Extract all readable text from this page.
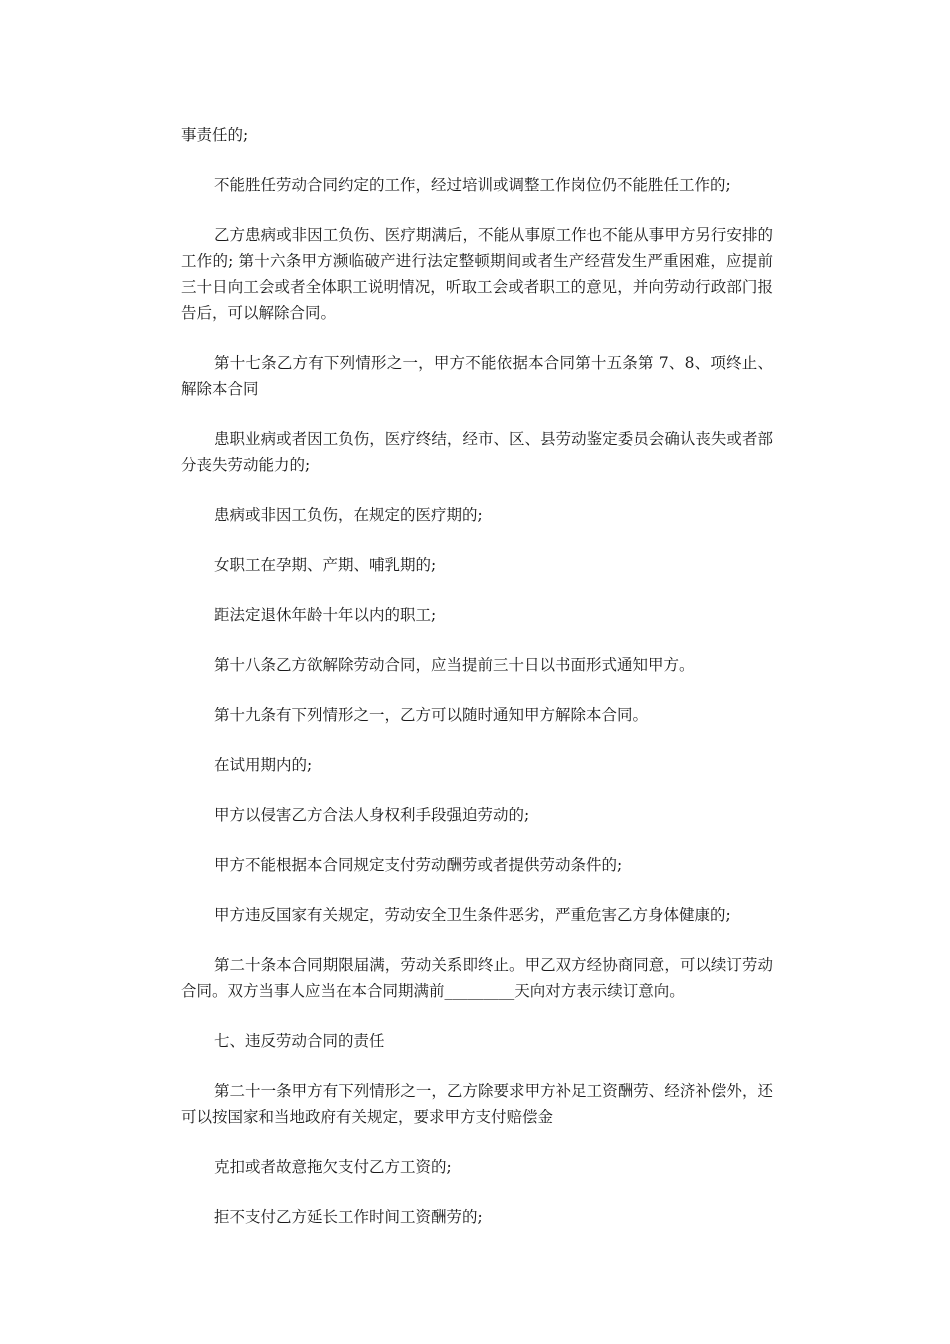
事责任的;

不能胜任劳动合同约定的工作，经过培训或调整工作岗位仍不能胜任工作的;

乙方患病或非因工负伤、医疗期满后，不能从事原工作也不能从事甲方另行安排的工作的; 第十六条甲方濒临破产进行法定整顿期间或者生产经营发生严重困难，应提前三十日向工会或者全体职工说明情况，听取工会或者职工的意见，并向劳动行政部门报告后，可以解除合同。

第十七条乙方有下列情形之一，甲方不能依据本合同第十五条第 7、8、项终止、解除本合同

患职业病或者因工负伤，医疗终结，经市、区、县劳动鉴定委员会确认丧失或者部分丧失劳动能力的;

患病或非因工负伤，在规定的医疗期的;

女职工在孕期、产期、哺乳期的;

距法定退休年龄十年以内的职工;

第十八条乙方欲解除劳动合同，应当提前三十日以书面形式通知甲方。

第十九条有下列情形之一，乙方可以随时通知甲方解除本合同。

在试用期内的;

甲方以侵害乙方合法人身权利手段强迫劳动的;

甲方不能根据本合同规定支付劳动酬劳或者提供劳动条件的;

甲方违反国家有关规定，劳动安全卫生条件恶劣，严重危害乙方身体健康的;

第二十条本合同期限届满，劳动关系即终止。甲乙双方经协商同意，可以续订劳动合同。双方当事人应当在本合同期满前_________天向对方表示续订意向。

七、违反劳动合同的责任

第二十一条甲方有下列情形之一，乙方除要求甲方补足工资酬劳、经济补偿外，还可以按国家和当地政府有关规定，要求甲方支付赔偿金

克扣或者故意拖欠支付乙方工资的;

拒不支付乙方延长工作时间工资酬劳的;
